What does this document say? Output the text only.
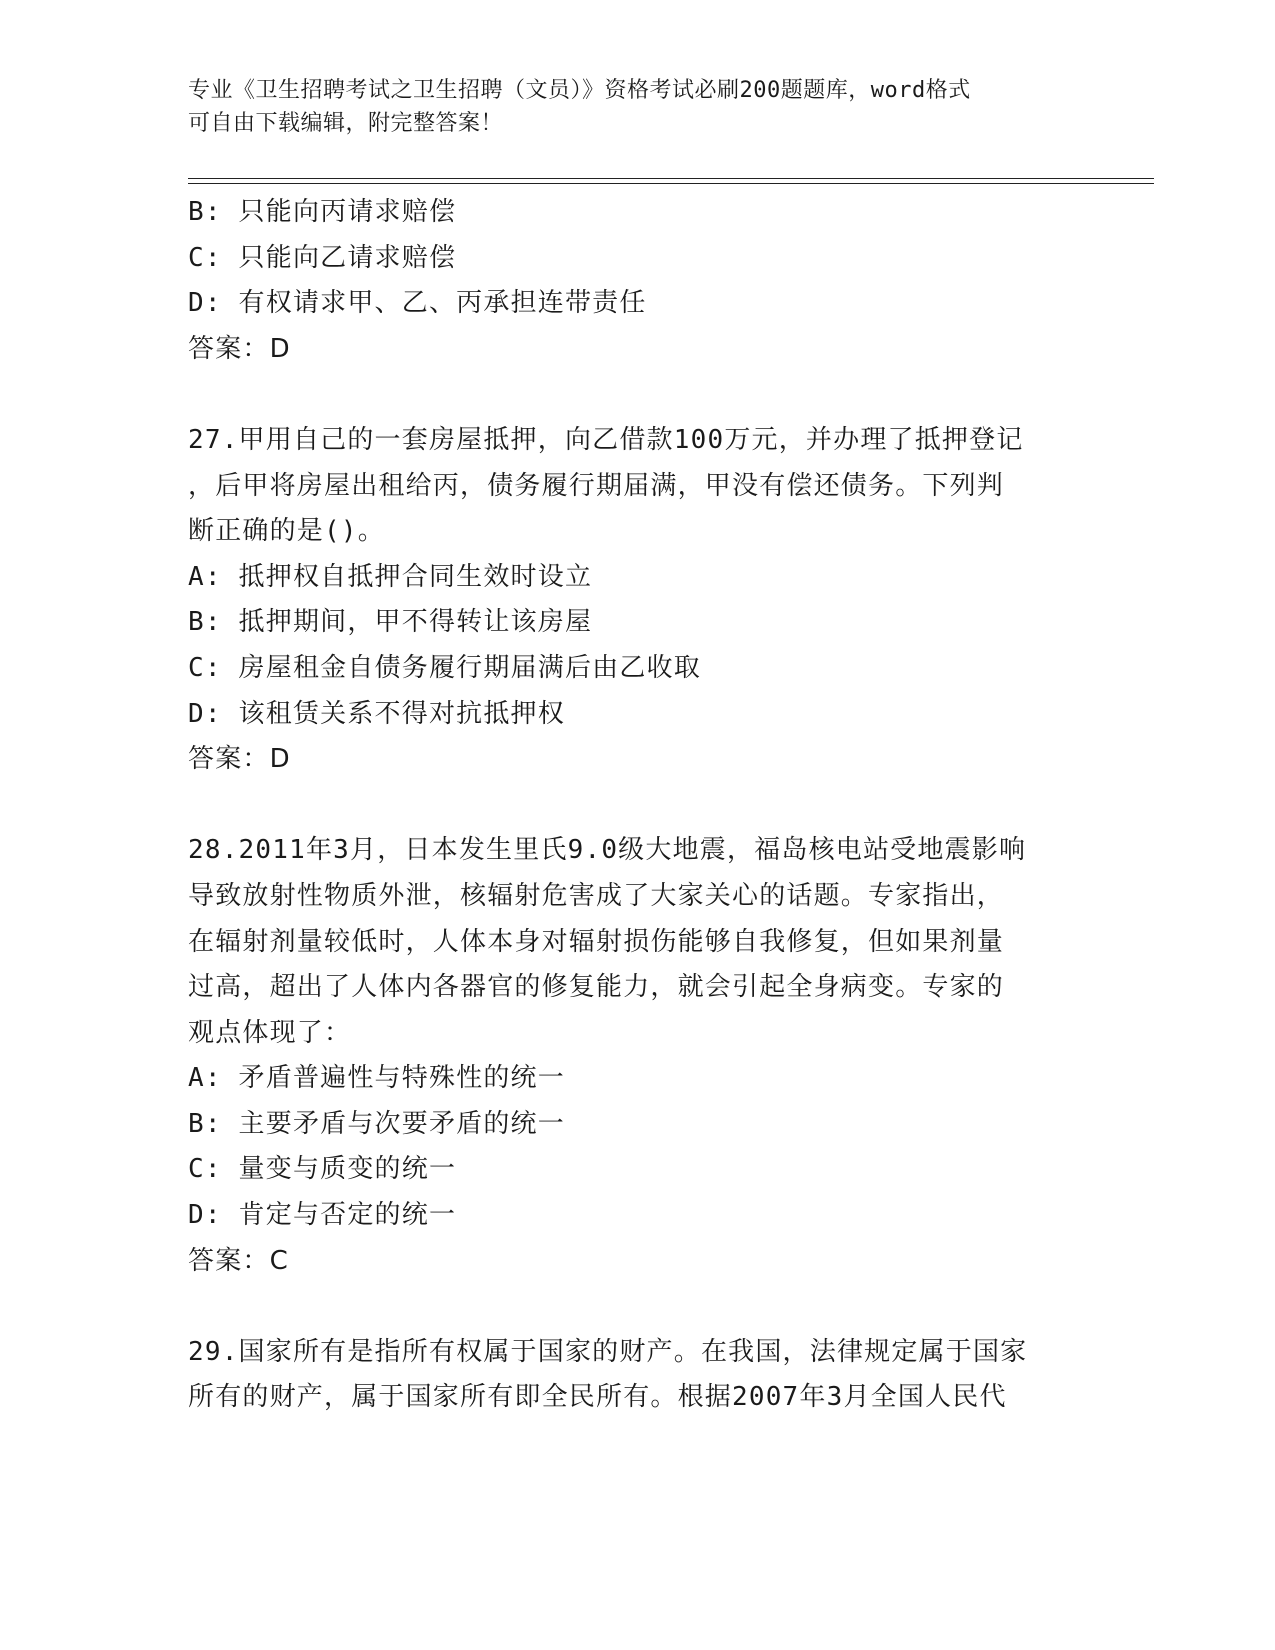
专业《卫生招聘考试之卫生招聘（文员）》资格考试必刷200题题库，word格式
可自由下载编辑，附完整答案！
B: 只能向丙请求赔偿
C: 只能向乙请求赔偿
D: 有权请求甲、乙、丙承担连带责任
答案：D
27.甲用自己的一套房屋抵押，向乙借款100万元，并办理了抵押登记
，后甲将房屋出租给丙，债务履行期届满，甲没有偿还债务。下列判
断正确的是()。
A: 抵押权自抵押合同生效时设立
B: 抵押期间，甲不得转让该房屋
C: 房屋租金自债务履行期届满后由乙收取
D: 该租赁关系不得对抗抵押权
答案：D
28.2011年3月，日本发生里氏9.0级大地震，福岛核电站受地震影响
导致放射性物质外泄，核辐射危害成了大家关心的话题。专家指出，
在辐射剂量较低时，人体本身对辐射损伤能够自我修复，但如果剂量
过高，超出了人体内各器官的修复能力，就会引起全身病变。专家的
观点体现了：
A: 矛盾普遍性与特殊性的统一
B: 主要矛盾与次要矛盾的统一
C: 量变与质变的统一
D: 肯定与否定的统一
答案：C
29.国家所有是指所有权属于国家的财产。在我国，法律规定属于国家
所有的财产，属于国家所有即全民所有。根据2007年3月全国人民代
